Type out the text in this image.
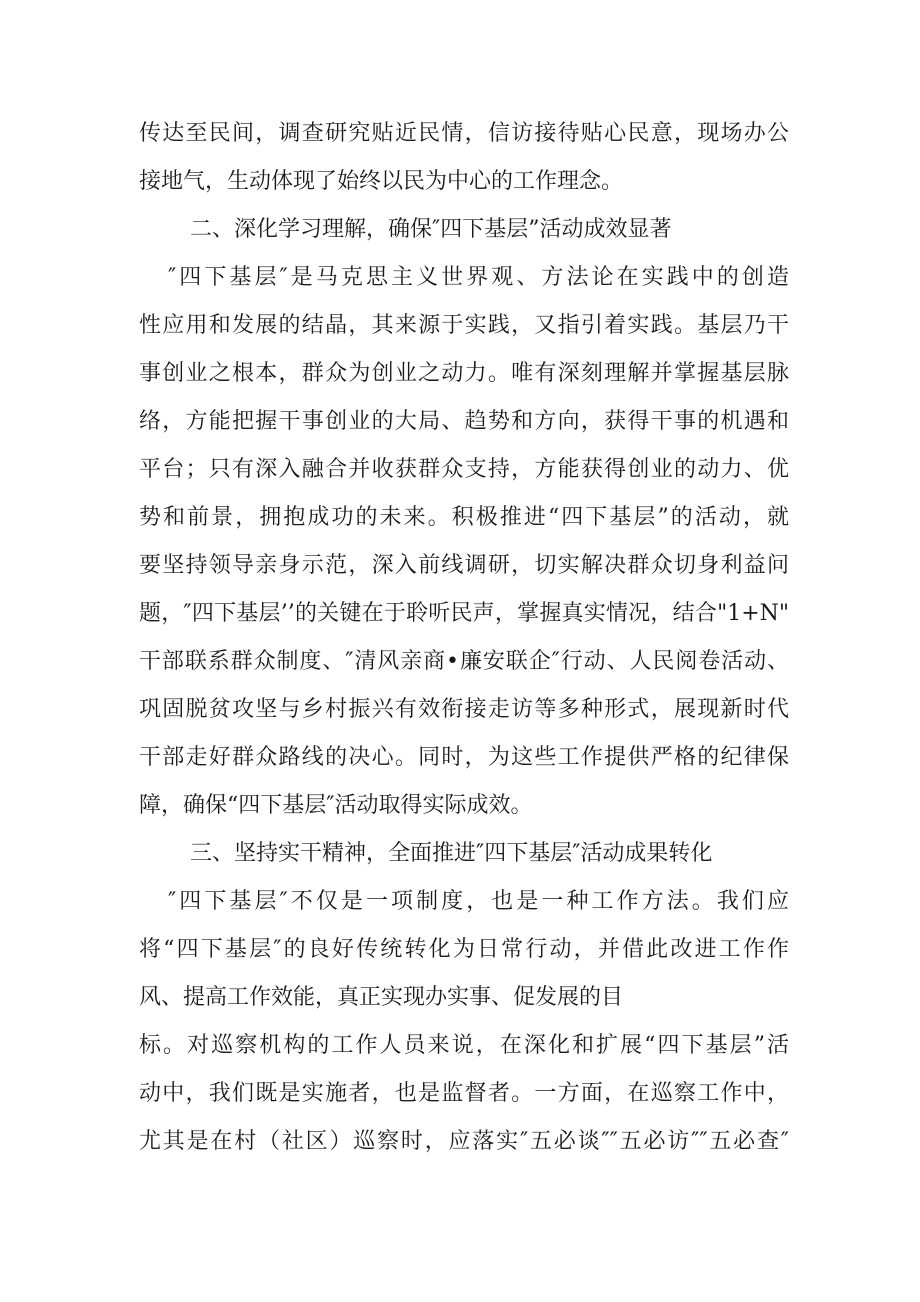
传达至民间，调查研究贴近民情，信访接待贴心民意，现场办公
接地气，生动体现了始终以民为中心的工作理念。
二、深化学习理解，确保″四下基层”活动成效显著
″四下基层″是马克思主义世界观、方法论在实践中的创造
性应用和发展的结晶，其来源于实践，又指引着实践。基层乃干
事创业之根本，群众为创业之动力。唯有深刻理解并掌握基层脉
络，方能把握干事创业的大局、趋势和方向，获得干事的机遇和
平台；只有深入融合并收获群众支持，方能获得创业的动力、优
势和前景，拥抱成功的未来。积极推进“四下基层”的活动，就
要坚持领导亲身示范，深入前线调研，切实解决群众切身利益问
题，″四下基层’’的关键在于聆听民声，掌握真实情况，结合"1+N"
干部联系群众制度、″清风亲商•廉安联企″行动、人民阅卷活动、
巩固脱贫攻坚与乡村振兴有效衔接走访等多种形式，展现新时代
干部走好群众路线的决心。同时，为这些工作提供严格的纪律保
障，确保“四下基层″活动取得实际成效。
三、坚持实干精神，全面推进″四下基层″活动成果转化
″四下基层″不仅是一项制度，也是一种工作方法。我们应
将“四下基层″的良好传统转化为日常行动，并借此改进工作作
风、提高工作效能，真正实现办实事、促发展的目
标。对巡察机构的工作人员来说，在深化和扩展“四下基层”活
动中，我们既是实施者，也是监督者。一方面，在巡察工作中，
尤其是在村（社区）巡察时，应落实″五必谈″″五必访″″五必查″
